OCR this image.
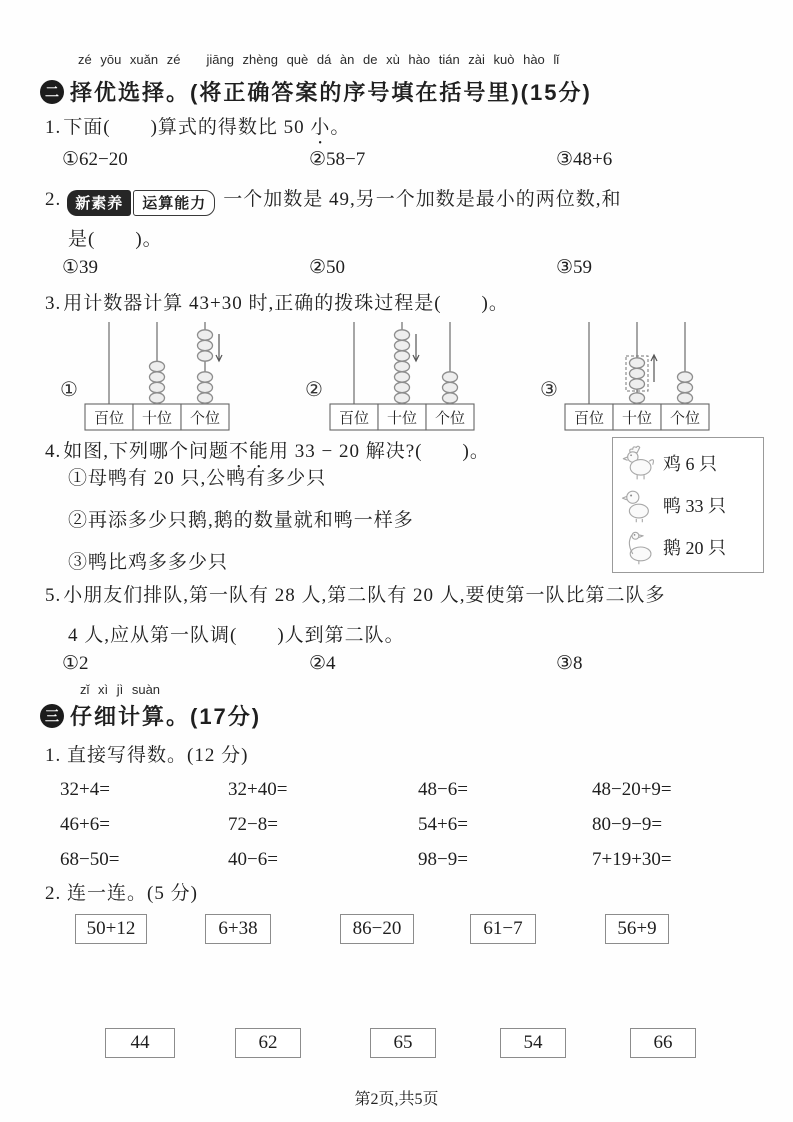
zé yōu xuǎn zé jiāng zhèng què dá àn de xù hào tián zài kuò hào lǐ
二 择优选择。(将正确答案的序号填在括号里)(15分)
1. 下面(　　)算式的得数比 50 小。
①62−20	②58−7	③48+6
2. 新素养	运算能力 一个加数是 49,另一个加数是最小的两位数,和
是(　　)。
①39	②50	③59
3. 用计数器计算 43+30 时,正确的拨珠过程是(　　)。
①
百位 十位 个位
②
百位 十位 个位
③
百位 十位 个位
4. 如图,下列哪个问题不能用 33 − 20 解决?(　　)。
①母鸭有 20 只,公鸭有多少只
②再添多少只鹅,鹅的数量就和鸭一样多
③鸭比鸡多多少只
鸡 6 只
鸭 33 只
鹅 20 只
5. 小朋友们排队,第一队有 28 人,第二队有 20 人,要使第一队比第二队多
4 人,应从第一队调(　　)人到第二队。
①2	②4	③8
zǐ xì jì suàn
三 仔细计算。(17分)
1. 直接写得数。(12 分)
32+4=	32+40=	48−6=	48−20+9=
46+6=	72−8=	54+6=	80−9−9=
68−50=	40−6=	98−9=	7+19+30=
2. 连一连。(5 分)
50+12	6+38	86−20	61−7	56+9
44	62	65	54	66
第2页,共5页
